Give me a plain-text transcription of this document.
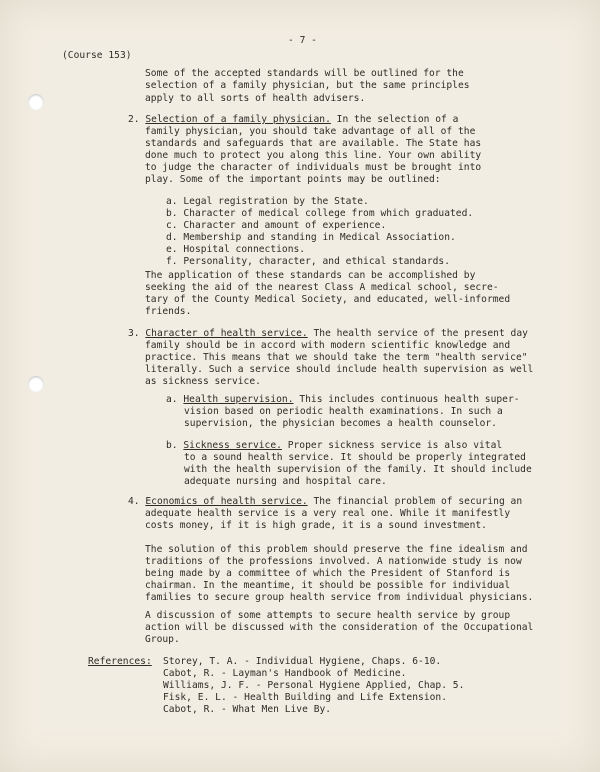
- 7 -

(Course 153)

Some of the accepted standards will be outlined for the

selection of a family physician, but the same principles

apply to all sorts of health advisers.

2. Selection of a family physician. In the selection of a

family physician, you should take advantage of all of the

standards and safeguards that are available. The State has

done much to protect you along this line. Your own ability

to judge the character of individuals must be brought into

play. Some of the important points may be outlined:

a. Legal registration by the State.

b. Character of medical college from which graduated.

c. Character and amount of experience.

d. Membership and standing in Medical Association.

e. Hospital connections.

f. Personality, character, and ethical standards.

The application of these standards can be accomplished by

seeking the aid of the nearest Class A medical school, secre-

tary of the County Medical Society, and educated, well-informed

friends.

3. Character of health service. The health service of the present day

family should be in accord with modern scientific knowledge and

practice. This means that we should take the term "health service"

literally. Such a service should include health supervision as well

as sickness service.

a. Health supervision. This includes continuous health super-

vision based on periodic health examinations. In such a

supervision, the physician becomes a health counselor.

b. Sickness service. Proper sickness service is also vital

to a sound health service. It should be properly integrated

with the health supervision of the family. It should include

adequate nursing and hospital care.

4. Economics of health service. The financial problem of securing an

adequate health service is a very real one. While it manifestly

costs money, if it is high grade, it is a sound investment.

The solution of this problem should preserve the fine idealism and

traditions of the professions involved. A nationwide study is now

being made by a committee of which the President of Stanford is

chairman. In the meantime, it should be possible for individual

families to secure group health service from individual physicians.

A discussion of some attempts to secure health service by group

action will be discussed with the consideration of the Occupational

Group.

References: Storey, T. A. - Individual Hygiene, Chaps. 6-10.

Cabot, R. - Layman's Handbook of Medicine.

Williams, J. F. - Personal Hygiene Applied, Chap. 5.

Fisk, E. L. - Health Building and Life Extension.

Cabot, R. - What Men Live By.
